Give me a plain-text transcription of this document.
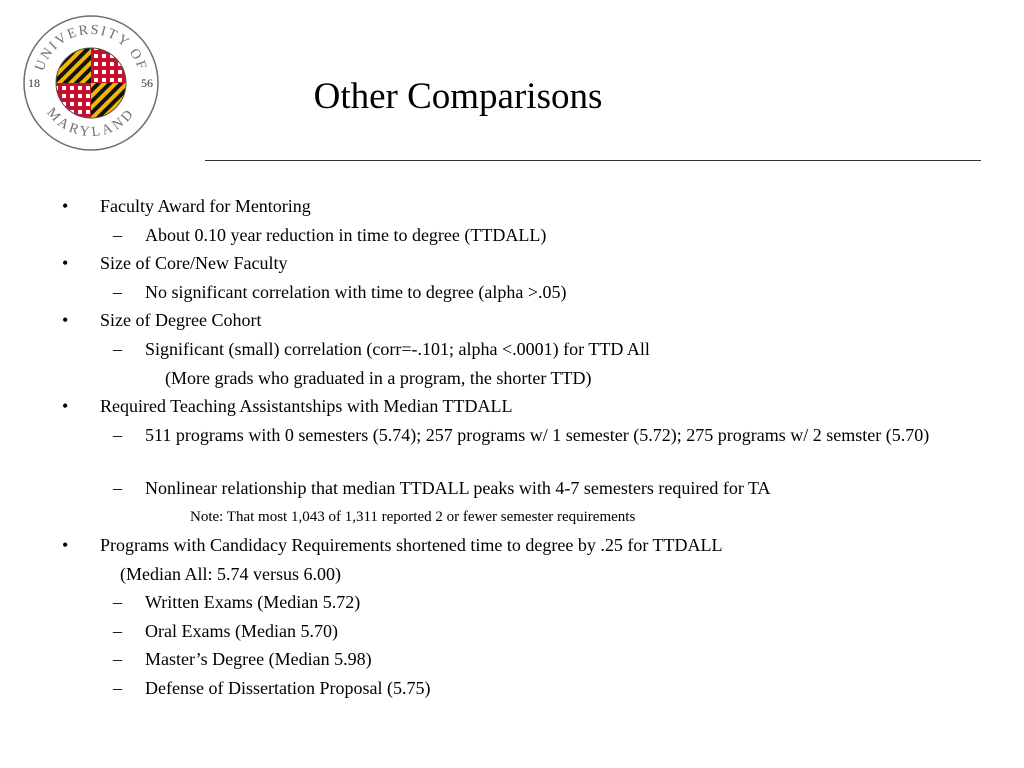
UNIVERSITY OF
MARYLAND
18	56	Other Comparisons
• Faculty Award for Mentoring
– About 0.10 year reduction in time to degree (TTDALL)
• Size of Core/New Faculty
– No significant correlation with time to degree (alpha >.05)
• Size of Degree Cohort
– Significant (small) correlation (corr=-.101; alpha <.0001) for TTD All
(More grads who graduated in a program, the shorter TTD)
• Required Teaching Assistantships with Median TTDALL
– 511 programs with 0 semesters (5.74); 257 programs w/ 1 semester (5.72); 275 programs w/ 2 semster (5.70)
– Nonlinear relationship that median TTDALL peaks with 4-7 semesters required for TA
Note: That most 1,043 of 1,311 reported 2 or fewer semester requirements
• Programs with Candidacy Requirements shortened time to degree by .25 for TTDALL
(Median All: 5.74 versus 6.00)
– Written Exams (Median 5.72)
– Oral Exams (Median 5.70)
– Master’s Degree (Median 5.98)
– Defense of Dissertation Proposal (5.75)
